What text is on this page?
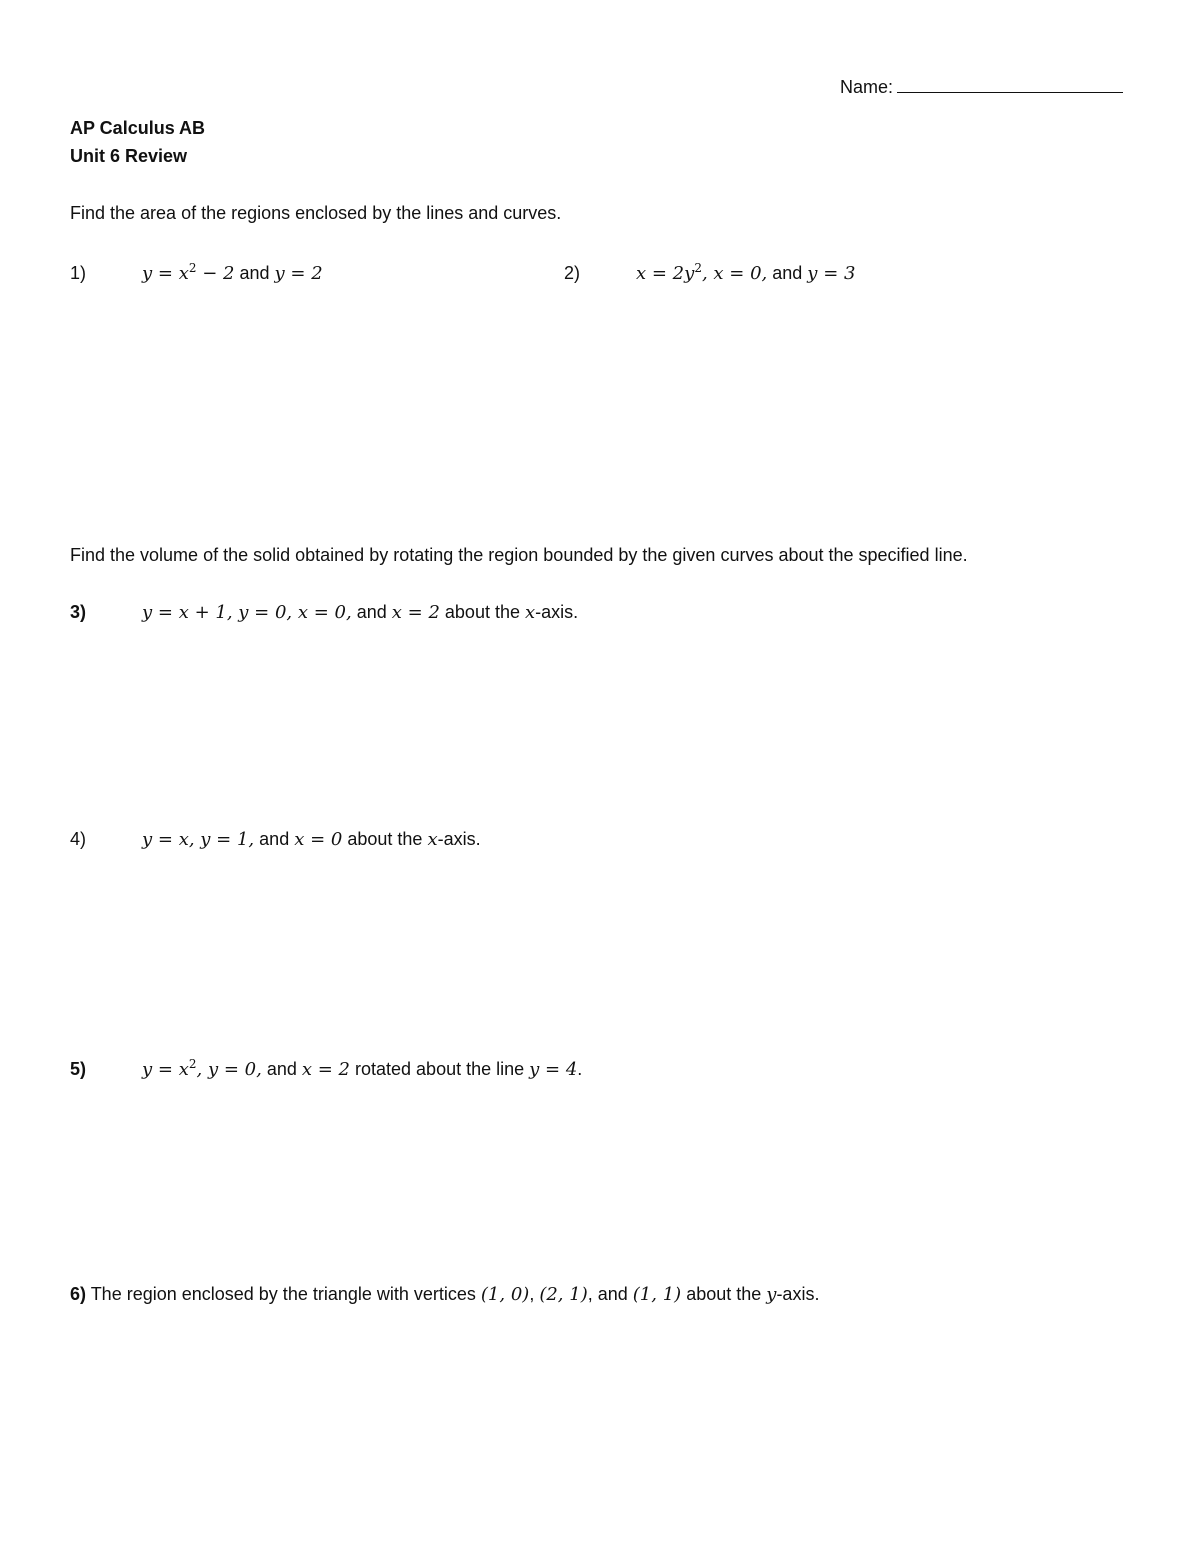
Name:
AP Calculus AB
Unit 6 Review
Find the area of the regions enclosed by the lines and curves.
1)	$y = x^2 - 2$ and y = 2	2)	$x = 2y^2$, x = 0, and y = 3
Find the volume of the solid obtained by rotating the region bounded by the given curves about the specified line.
3)	y = x + 1, y = 0, x = 0, and x = 2 about the x-axis.
4)	y = x, y = 1, and x = 0 about the x-axis.
5)	$y = x^2$, y = 0, and x = 2 rotated about the line y = 4.
6) The region enclosed by the triangle with vertices (1, 0), (2, 1), and (1, 1) about the y-axis.
